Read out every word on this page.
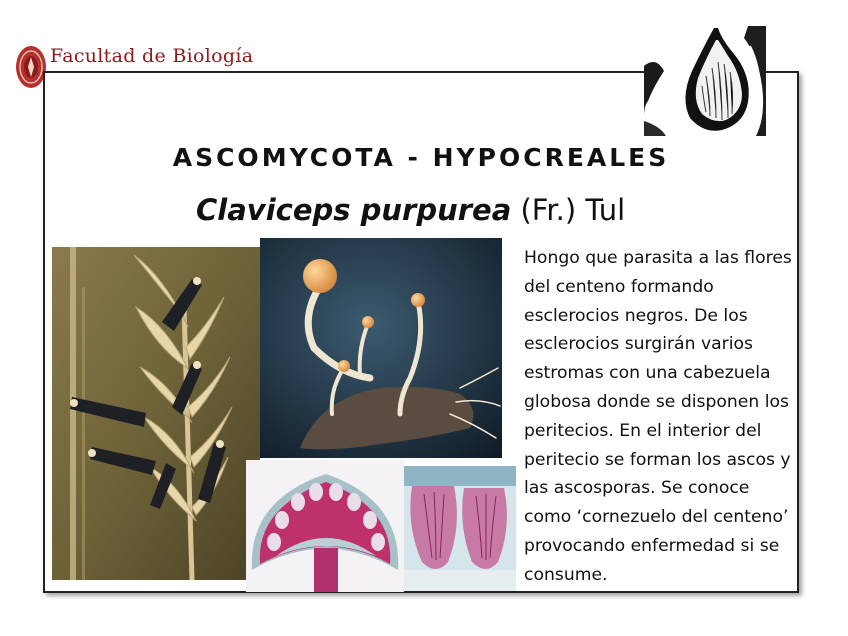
Facultad de Biología
ASCOMYCOTA - HYPOCREALES
Claviceps purpurea (Fr.) Tul
Hongo que parasita a las flores del centeno formando esclerocios negros. De los esclerocios surgirán varios estromas con una cabezuela globosa donde se disponen los peritecios. En el interior del peritecio se forman los ascos y las ascosporas. Se conoce como ‘cornezuelo del centeno’ provocando enfermedad si se consume.
